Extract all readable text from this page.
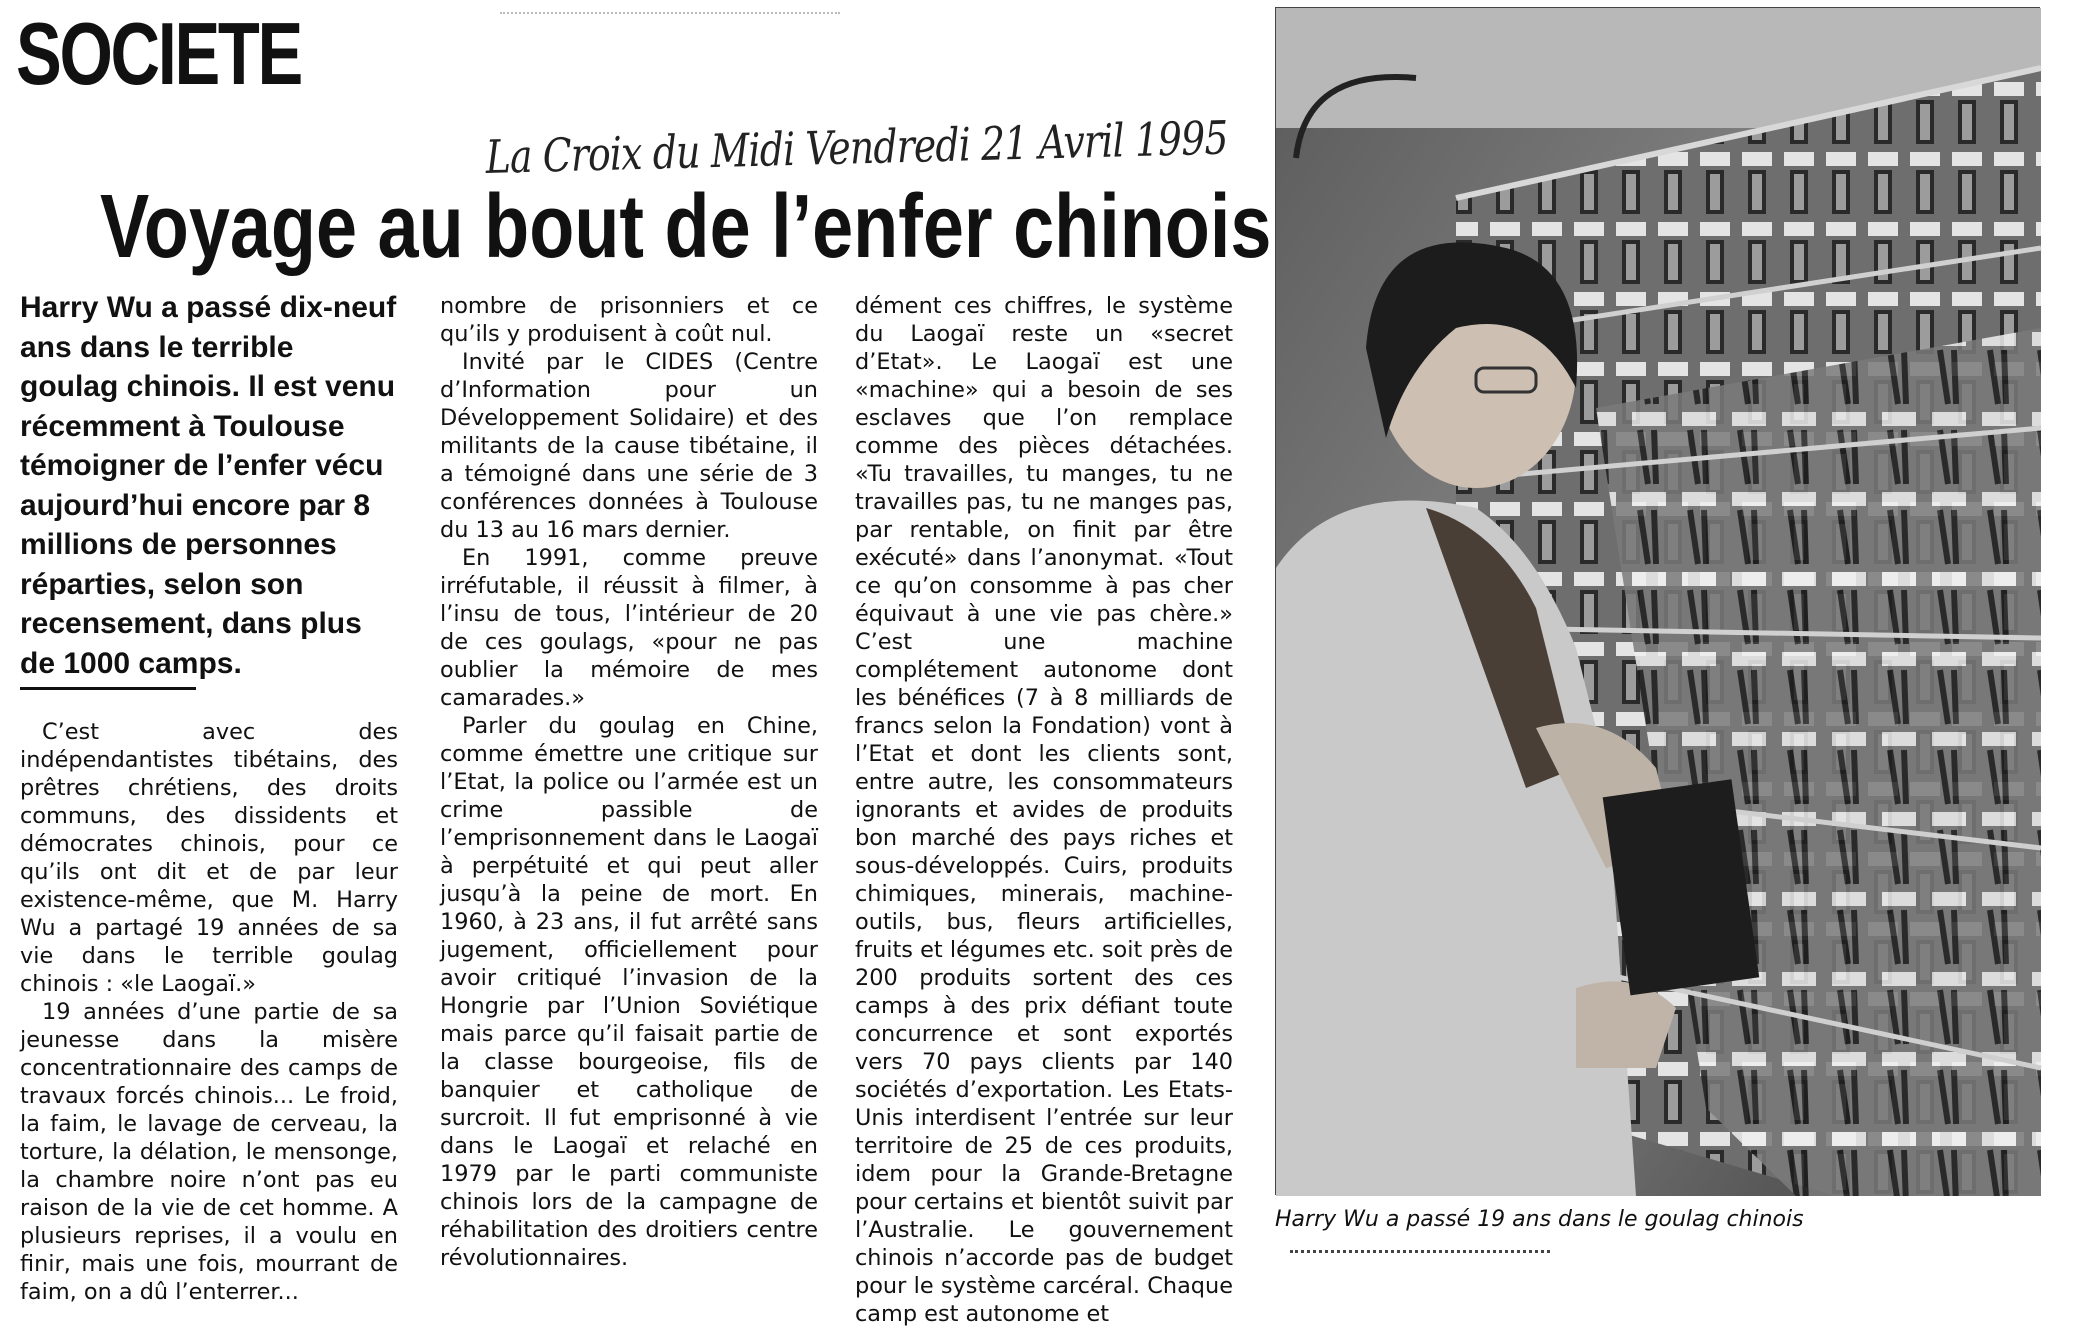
SOCIETE
La Croix du Midi Vendredi 21 Avril 1995
Voyage au bout de l’enfer chinois
Harry Wu a passé dix-neuf ans dans le terrible goulag chinois. Il est venu récemment à Toulouse témoigner de l’enfer vécu aujourd’hui encore par 8 millions de personnes réparties, selon son recensement, dans plus de 1000 camps.

C’est avec des indépendantistes tibétains, des prêtres chrétiens, des droits communs, des dissidents et démocrates chinois, pour ce qu’ils ont dit et de par leur existence-même, que M. Harry Wu a partagé 19 années de sa vie dans le terrible goulag chinois : «le Laogaï.»

19 années d’une partie de sa jeunesse dans la misère concentrationnaire des camps de travaux forcés chinois... Le froid, la faim, le lavage de cerveau, la torture, la délation, le mensonge, la chambre noire n’ont pas eu raison de la vie de cet homme. A plusieurs reprises, il a voulu en finir, mais une fois, mourrant de faim, on a dû l’enterrer...

nombre de prisonniers et ce qu’ils y produisent à coût nul.

Invité par le CIDES (Centre d’Information pour un Développement Solidaire) et des militants de la cause tibétaine, il a témoigné dans une série de 3 conférences données à Toulouse du 13 au 16 mars dernier.

En 1991, comme preuve irréfutable, il réussit à filmer, à l’insu de tous, l’intérieur de 20 de ces goulags, «pour ne pas oublier la mémoire de mes camarades.»

Parler du goulag en Chine, comme émettre une critique sur l’Etat, la police ou l’armée est un crime passible de l’emprisonnement dans le Laogaï à perpétuité et qui peut aller jusqu’à la peine de mort. En 1960, à 23 ans, il fut arrêté sans jugement, officiellement pour avoir critiqué l’invasion de la Hongrie par l’Union Soviétique mais parce qu’il faisait partie de la classe bourgeoise, fils de banquier et catholique de surcroit. Il fut emprisonné à vie dans le Laogaï et relaché en 1979 par le parti communiste chinois lors de la campagne de réhabilitation des droitiers centre révolutionnaires.

dément ces chiffres, le système du Laogaï reste un «secret d’Etat». Le Laogaï est une «machine» qui a besoin de ses esclaves que l’on remplace comme des pièces détachées. «Tu travailles, tu manges, tu ne travailles pas, tu ne manges pas, par rentable, on finit par être exécuté» dans l’anonymat. «Tout ce qu’on consomme à pas cher équivaut à une vie pas chère.» C’est une machine complétement autonome dont les bénéfices (7 à 8 milliards de francs selon la Fondation) vont à l’Etat et dont les clients sont, entre autre, les consommateurs ignorants et avides de produits bon marché des pays riches et sous-développés. Cuirs, produits chimiques, minerais, machine-outils, bus, fleurs artificielles, fruits et légumes etc. soit près de 200 produits sortent des ces camps à des prix défiant toute concurrence et sont exportés vers 70 pays clients par 140 sociétés d’exportation. Les Etats-Unis interdisent l’entrée sur leur territoire de 25 de ces produits, idem pour la Grande-Bretagne pour certains et bientôt suivit par l’Australie. Le gouvernement chinois n’accorde pas de budget pour le système carcéral. Chaque camp est autonome et

Harry Wu a passé 19 ans dans le goulag chinois
